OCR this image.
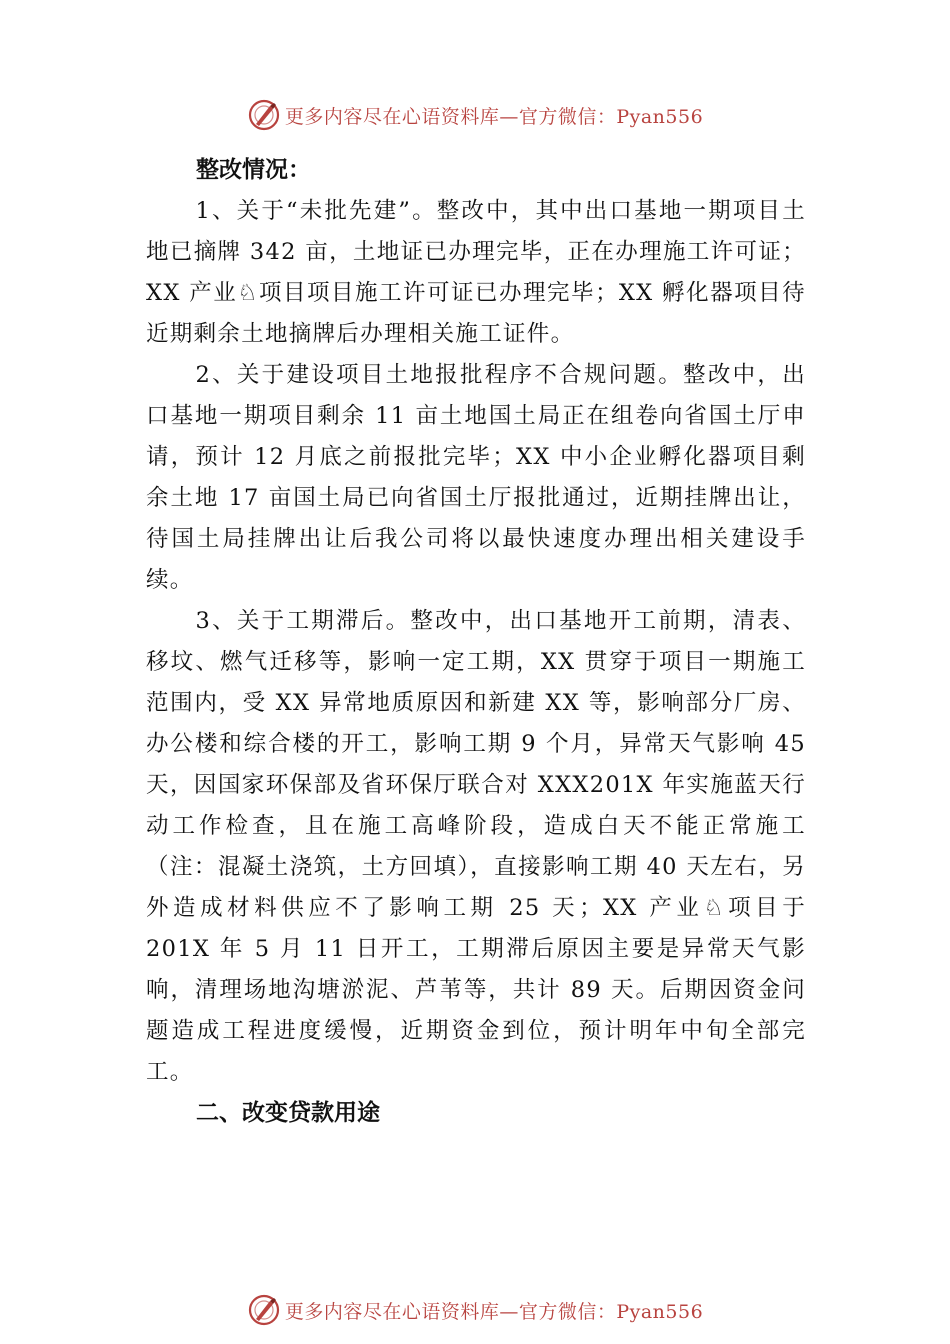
更多内容尽在心语资料库—官方微信：Pyan556

整改情况：

1、关于“未批先建”。整改中，其中出口基地一期项目土地已摘牌 342 亩，土地证已办理完毕，正在办理施工许可证；XX 产业♘项目项目施工许可证已办理完毕；XX 孵化器项目待近期剩余土地摘牌后办理相关施工证件。

2、关于建设项目土地报批程序不合规问题。整改中，出口基地一期项目剩余 11 亩土地国土局正在组卷向省国土厅申请，预计 12 月底之前报批完毕；XX 中小企业孵化器项目剩余土地 17 亩国土局已向省国土厅报批通过，近期挂牌出让，待国土局挂牌出让后我公司将以最快速度办理出相关建设手续。

3、关于工期滞后。整改中，出口基地开工前期，清表、移坟、燃气迁移等，影响一定工期，XX 贯穿于项目一期施工范围内，受 XX 异常地质原因和新建 XX 等，影响部分厂房、办公楼和综合楼的开工，影响工期 9 个月，异常天气影响 45 天，因国家环保部及省环保厅联合对 XXX201X 年实施蓝天行动工作检查，且在施工高峰阶段，造成白天不能正常施工（注：混凝土浇筑，土方回填），直接影响工期 40 天左右，另外造成材料供应不了影响工期 25 天；XX 产业♘项目于 201X 年 5 月 11 日开工，工期滞后原因主要是异常天气影响，清理场地沟塘淤泥、芦苇等，共计 89 天。后期因资金问题造成工程进度缓慢，近期资金到位，预计明年中旬全部完工。

二、改变贷款用途

更多内容尽在心语资料库—官方微信：Pyan556
